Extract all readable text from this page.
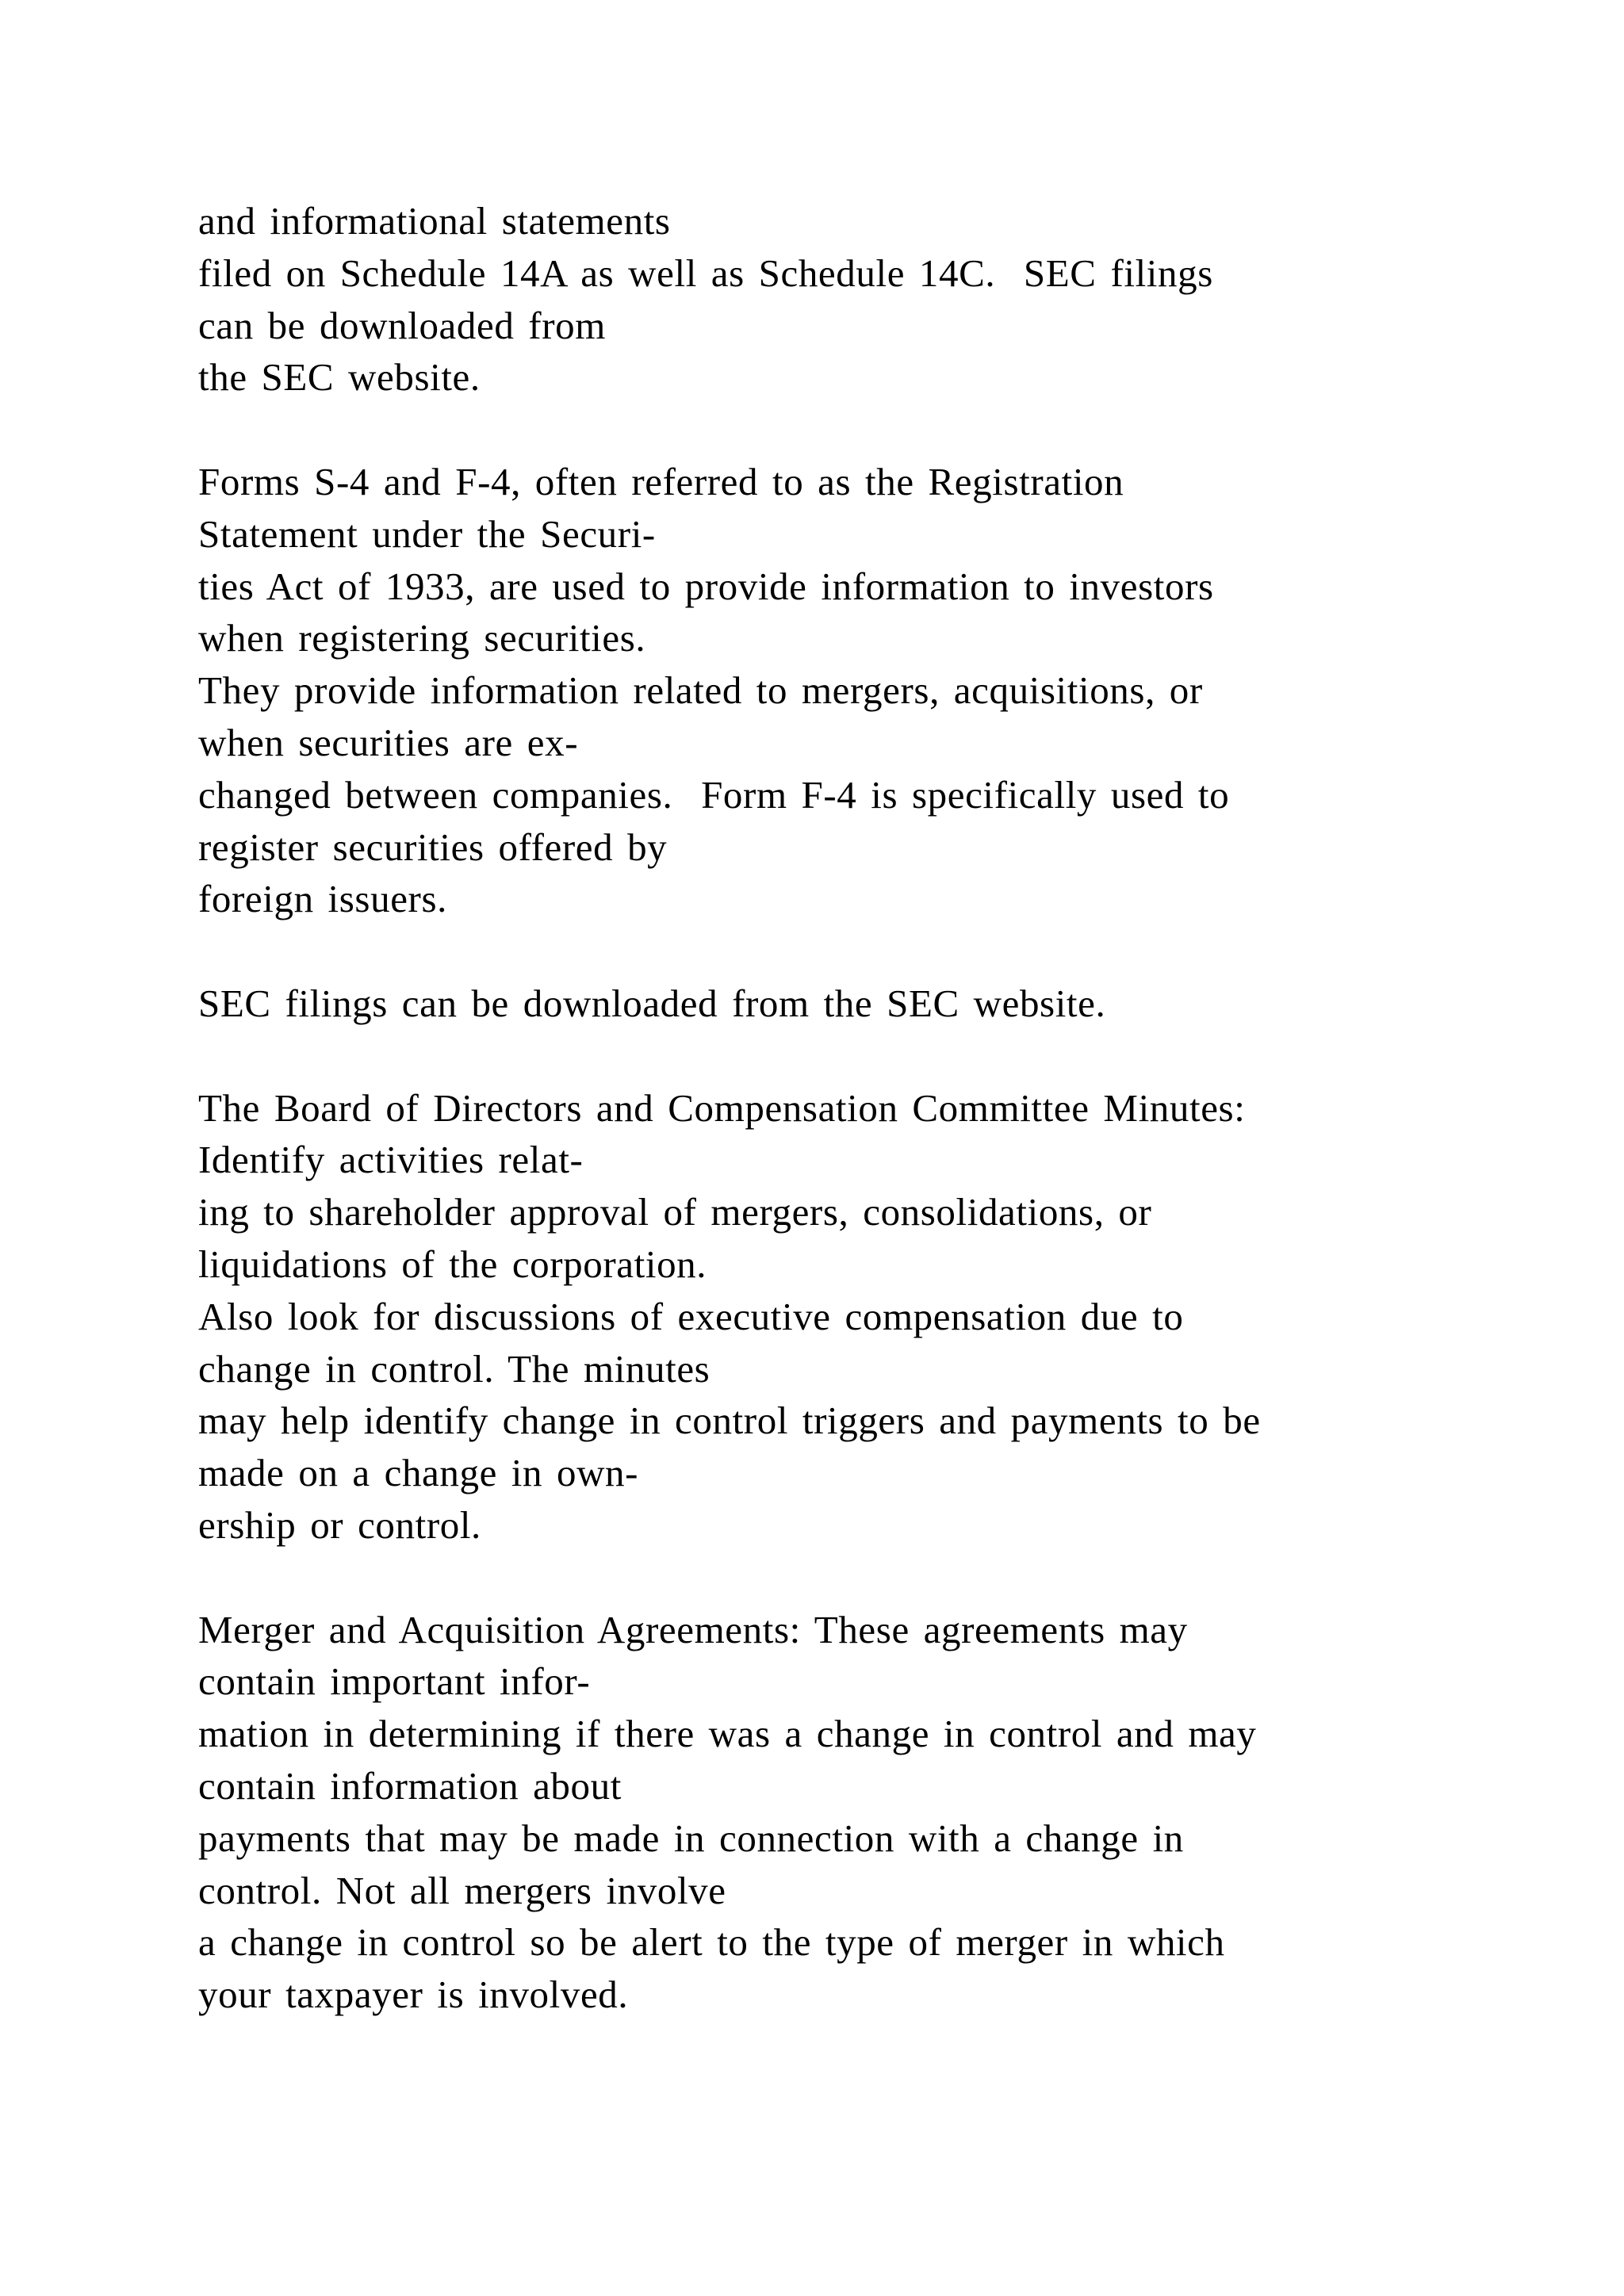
and informational statements
filed on Schedule 14A as well as Schedule 14C.  SEC filings
can be downloaded from
the SEC website.
Forms S-4 and F-4, often referred to as the Registration
Statement under the Securi-
ties Act of 1933, are used to provide information to investors
when registering securities.
They provide information related to mergers, acquisitions, or
when securities are ex-
changed between companies.  Form F-4 is specifically used to
register securities offered by
foreign issuers.
SEC filings can be downloaded from the SEC website.
The Board of Directors and Compensation Committee Minutes:
Identify activities relat-
ing to shareholder approval of mergers, consolidations, or
liquidations of the corporation.
Also look for discussions of executive compensation due to
change in control. The minutes
may help identify change in control triggers and payments to be
made on a change in own-
ership or control.
Merger and Acquisition Agreements: These agreements may
contain important infor-
mation in determining if there was a change in control and may
contain information about
payments that may be made in connection with a change in
control. Not all mergers involve
a change in control so be alert to the type of merger in which
your taxpayer is involved.
